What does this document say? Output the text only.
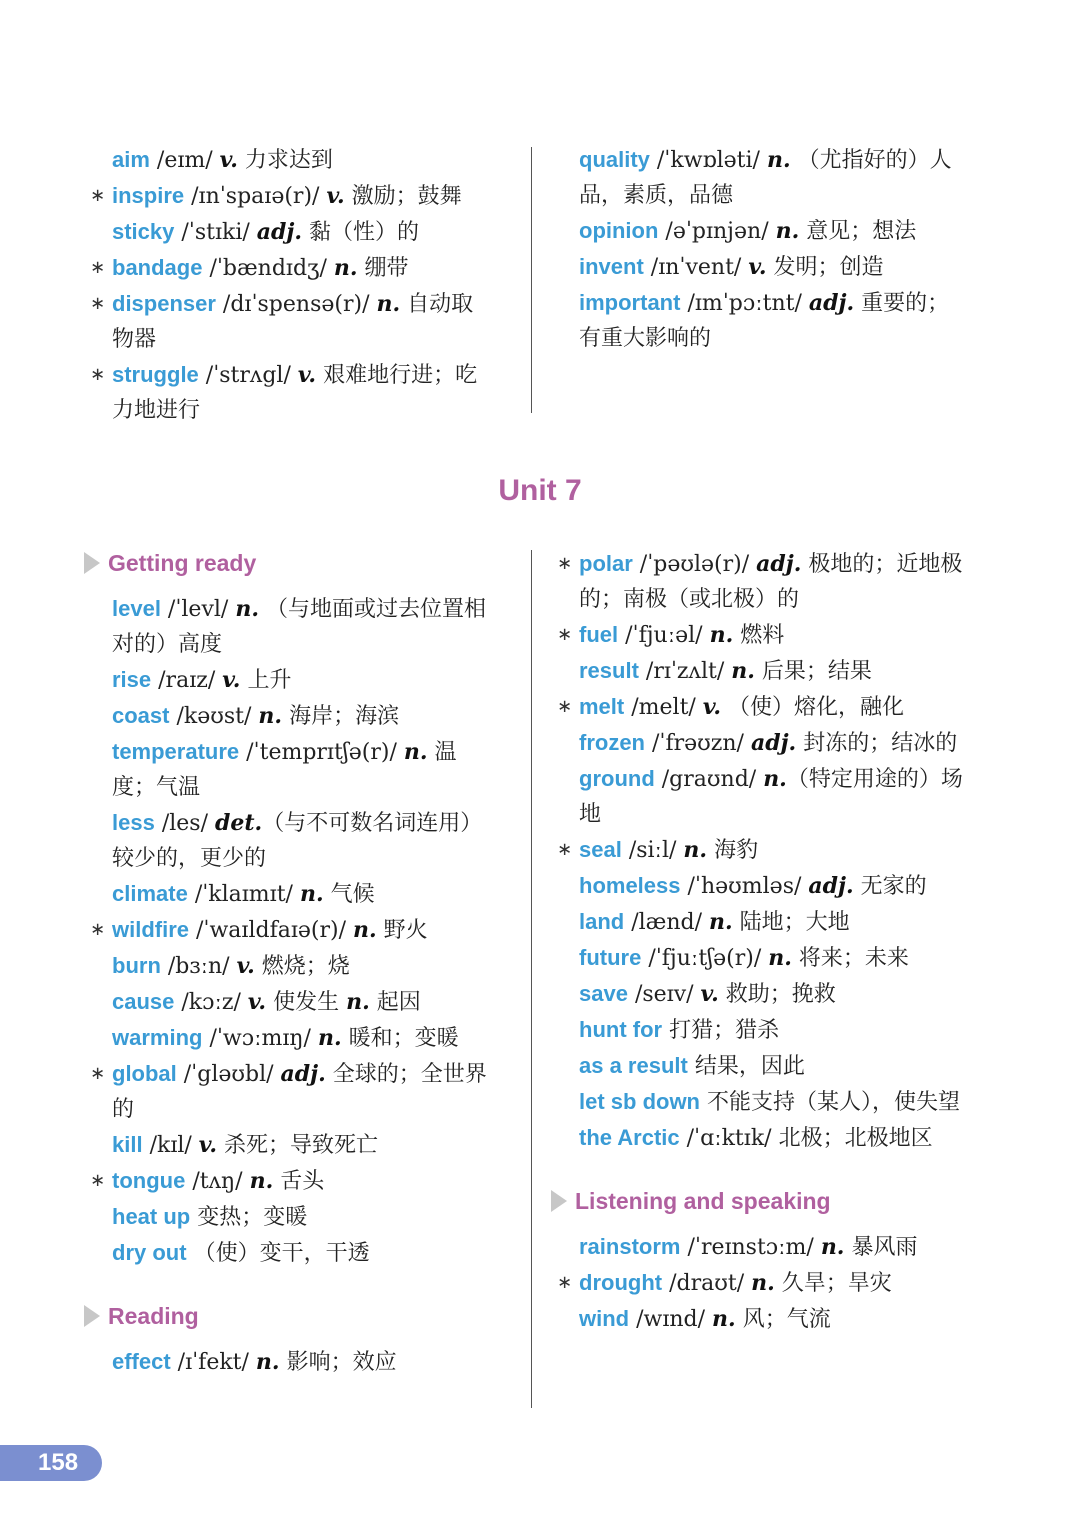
aim /eɪm/ v. 力求达到
∗ inspire /ɪnˈspaɪə(r)/ v. 激励；鼓舞
sticky /ˈstɪki/ adj. 黏（性）的
∗ bandage /ˈbændɪdʒ/ n. 绷带
∗ dispenser /dɪˈspensə(r)/ n. 自动取物器
∗ struggle /ˈstrʌgl/ v. 艰难地行进；吃力地进行
quality /ˈkwɒləti/ n. （尤指好的）人品，素质，品德
opinion /əˈpɪnjən/ n. 意见；想法
invent /ɪnˈvent/ v. 发明；创造
important /ɪmˈpɔːtnt/ adj. 重要的；有重大影响的
Unit 7
Getting ready
level /ˈlevl/ n. （与地面或过去位置相对的）高度
rise /raɪz/ v. 上升
coast /kəʊst/ n. 海岸；海滨
temperature /ˈtemprɪtʃə(r)/ n. 温度；气温
less /les/ det.（与不可数名词连用）较少的，更少的
climate /ˈklaɪmɪt/ n. 气候
∗ wildfire /ˈwaɪldfaɪə(r)/ n. 野火
burn /bɜːn/ v. 燃烧；烧
cause /kɔːz/ v. 使发生 n. 起因
warming /ˈwɔːmɪŋ/ n. 暖和；变暖
∗ global /ˈgləʊbl/ adj. 全球的；全世界的
kill /kɪl/ v. 杀死；导致死亡
∗ tongue /tʌŋ/ n. 舌头
heat up 变热；变暖
dry out （使）变干，干透
Reading
effect /ɪˈfekt/ n. 影响；效应
∗ polar /ˈpəʊlə(r)/ adj. 极地的；近地极的；南极（或北极）的
∗ fuel /ˈfjuːəl/ n. 燃料
result /rɪˈzʌlt/ n. 后果；结果
∗ melt /melt/ v. （使）熔化，融化
frozen /ˈfrəʊzn/ adj. 封冻的；结冰的
ground /graʊnd/ n.（特定用途的）场地
∗ seal /siːl/ n. 海豹
homeless /ˈhəʊmləs/ adj. 无家的
land /lænd/ n. 陆地；大地
future /ˈfjuːtʃə(r)/ n. 将来；未来
save /seɪv/ v. 救助；挽救
hunt for 打猎；猎杀
as a result 结果，因此
let sb down 不能支持（某人），使失望
the Arctic /ˈɑːktɪk/ 北极；北极地区
Listening and speaking
rainstorm /ˈreɪnstɔːm/ n. 暴风雨
∗ drought /draʊt/ n. 久旱；旱灾
wind /wɪnd/ n. 风；气流
158
